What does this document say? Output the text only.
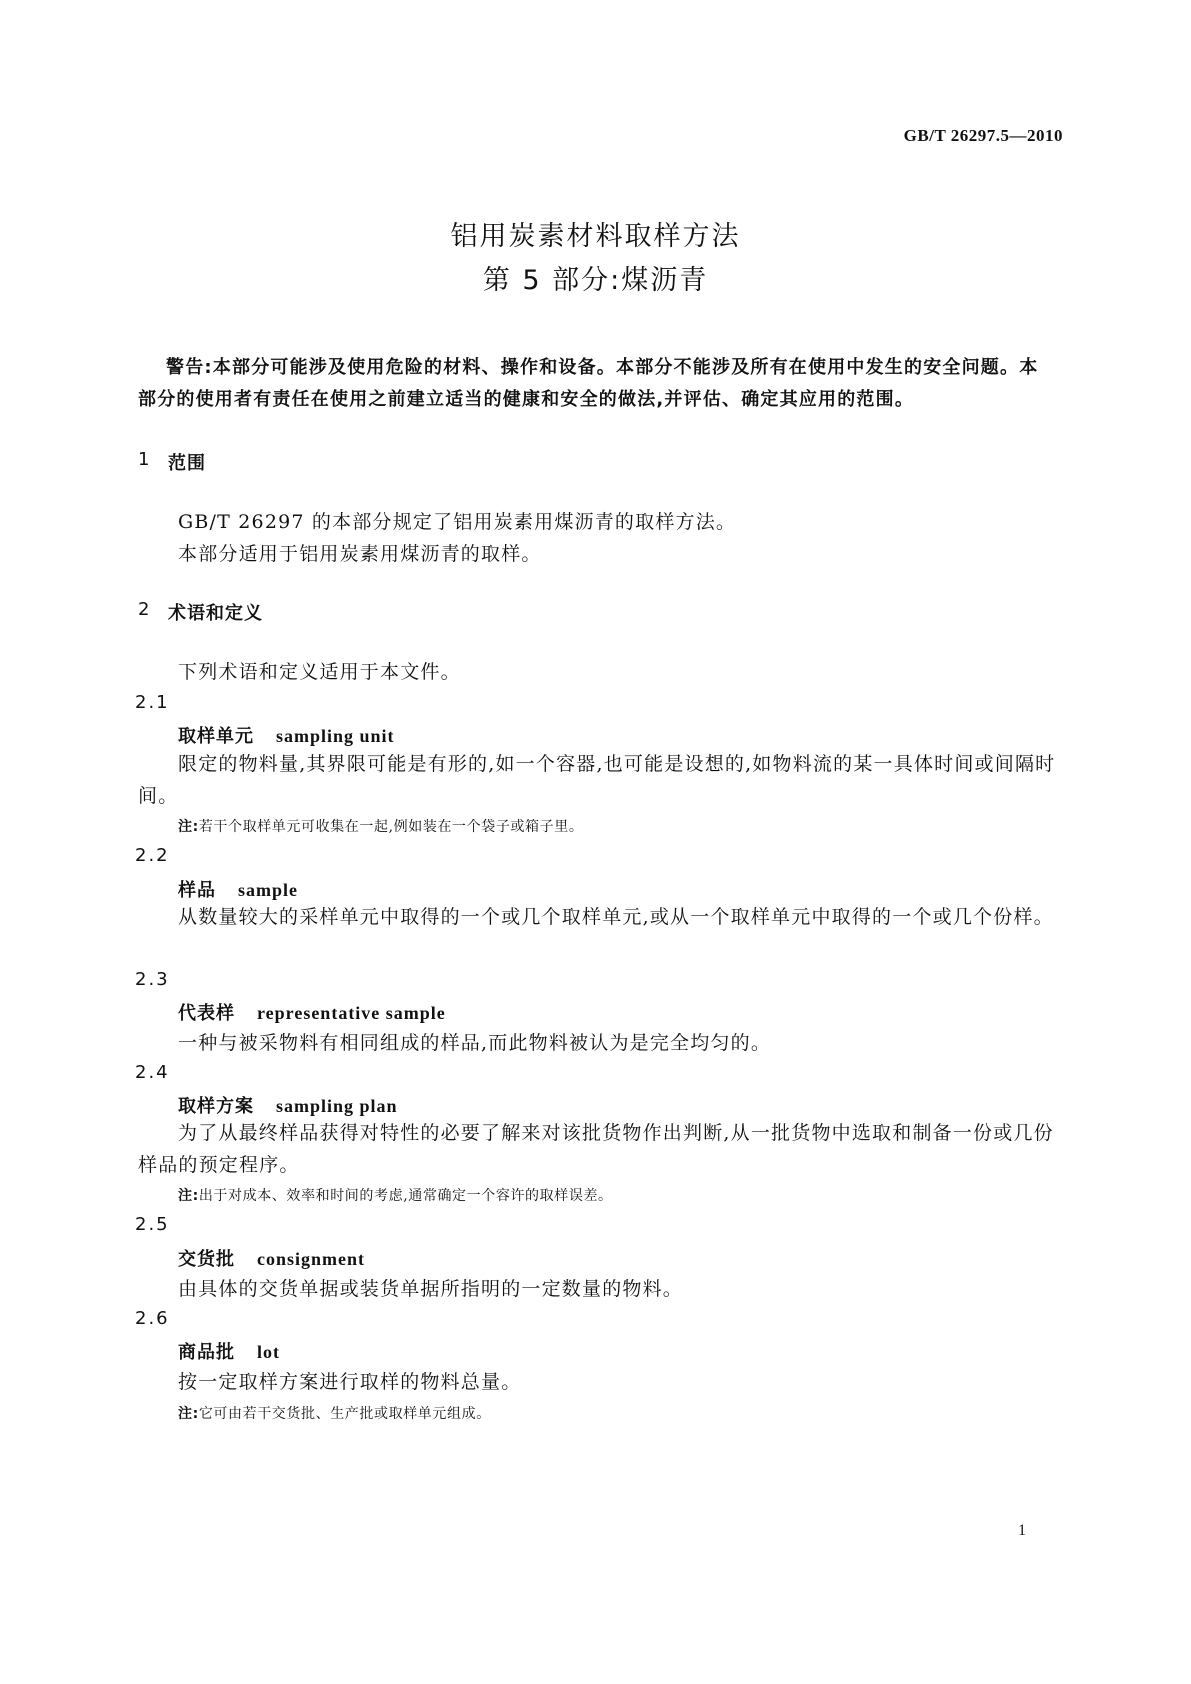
GB/T 26297.5—2010
铝用炭素材料取样方法
第 5 部分:煤沥青
警告:本部分可能涉及使用危险的材料、操作和设备。本部分不能涉及所有在使用中发生的安全问题。本部分的使用者有责任在使用之前建立适当的健康和安全的做法,并评估、确定其应用的范围。
1 范围
GB/T 26297 的本部分规定了铝用炭素用煤沥青的取样方法。
本部分适用于铝用炭素用煤沥青的取样。
2 术语和定义
下列术语和定义适用于本文件。
2.1
取样单元 sampling unit
限定的物料量,其界限可能是有形的,如一个容器,也可能是设想的,如物料流的某一具体时间或间隔时间。
注:若干个取样单元可收集在一起,例如装在一个袋子或箱子里。
2.2
样品 sample
从数量较大的采样单元中取得的一个或几个取样单元,或从一个取样单元中取得的一个或几个份样。
2.3
代表样 representative sample
一种与被采物料有相同组成的样品,而此物料被认为是完全均匀的。
2.4
取样方案 sampling plan
为了从最终样品获得对特性的必要了解来对该批货物作出判断,从一批货物中选取和制备一份或几份样品的预定程序。
注:出于对成本、效率和时间的考虑,通常确定一个容许的取样误差。
2.5
交货批 consignment
由具体的交货单据或装货单据所指明的一定数量的物料。
2.6
商品批 lot
按一定取样方案进行取样的物料总量。
注:它可由若干交货批、生产批或取样单元组成。
1
